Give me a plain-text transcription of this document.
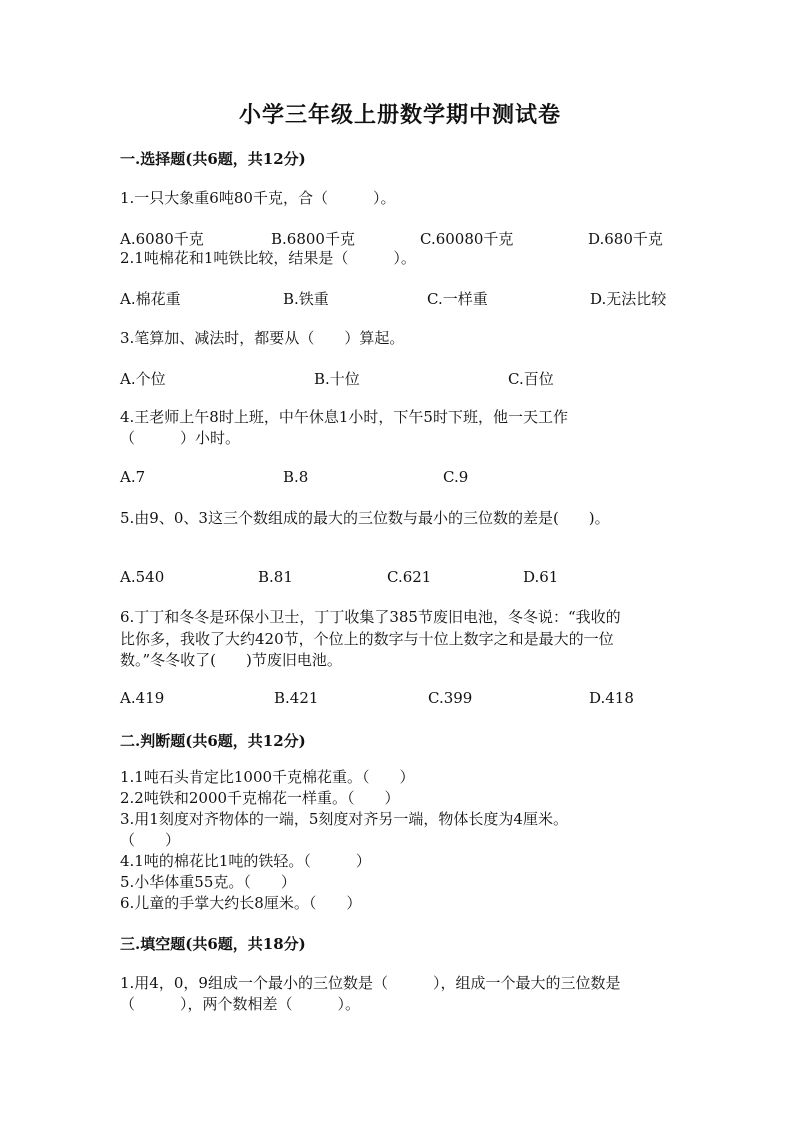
小学三年级上册数学期中测试卷
一.选择题(共6题，共12分)
1.一只大象重6吨80千克，合（　　　）。
A.6080千克	B.6800千克	C.60080千克	D.680千克
2.1吨棉花和1吨铁比较，结果是（　　　）。
A.棉花重	B.铁重	C.一样重	D.无法比较
3.笔算加、减法时，都要从（　　）算起。
A.个位	B.十位	C.百位
4.王老师上午8时上班，中午休息1小时，下午5时下班，他一天工作
（　　　）小时。
A.7	B.8	C.9
5.由9、0、3这三个数组成的最大的三位数与最小的三位数的差是(　　)。
A.540	B.81	C.621	D.61
6.丁丁和冬冬是环保小卫士，丁丁收集了385节废旧电池，冬冬说：“我收的
比你多，我收了大约420节，个位上的数字与十位上数字之和是最大的一位
数。”冬冬收了(　　)节废旧电池。
A.419	B.421	C.399	D.418
二.判断题(共6题，共12分)
1.1吨石头肯定比1000千克棉花重。（　　）
2.2吨铁和2000千克棉花一样重。（　　）
3.用1刻度对齐物体的一端，5刻度对齐另一端，物体长度为4厘米。
（　　）
4.1吨的棉花比1吨的铁轻。（　　　）
5.小华体重55克。（　　）
6.儿童的手掌大约长8厘米。（　　）
三.填空题(共6题，共18分)
1.用4，0，9组成一个最小的三位数是（　　　），组成一个最大的三位数是
（　　　），两个数相差（　　　）。
